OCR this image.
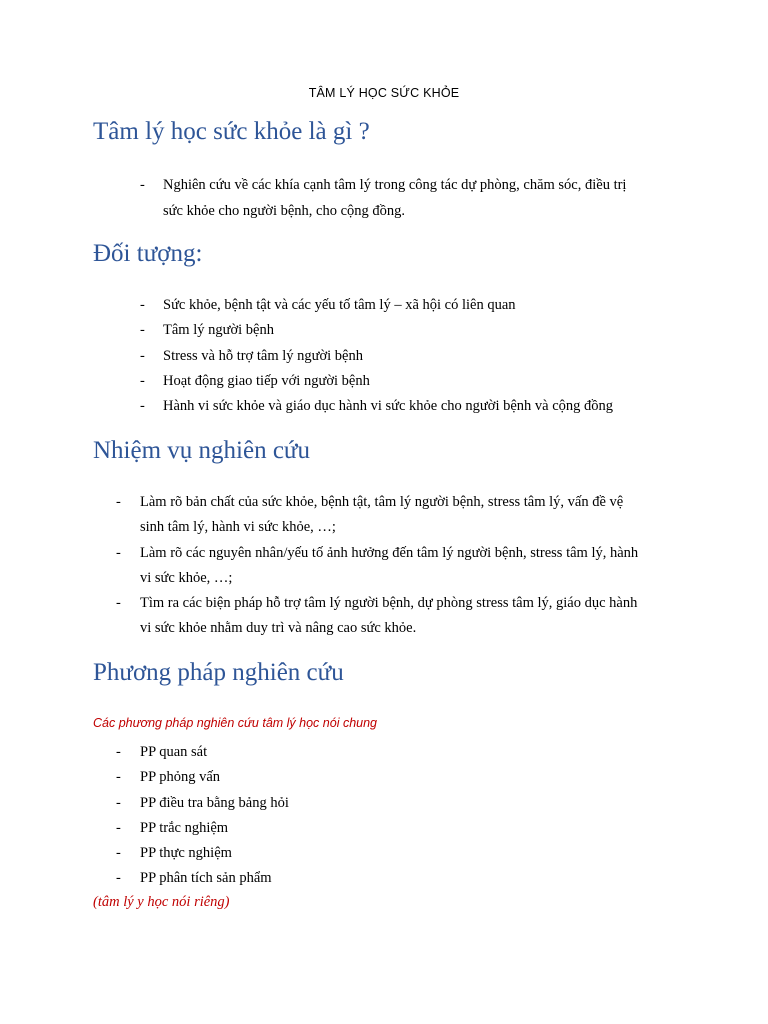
TÂM LÝ HỌC SỨC KHỎE
Tâm lý học sức khỏe là gì ?
- Nghiên cứu về các khía cạnh tâm lý trong công tác dự phòng, chăm sóc, điều trị
sức khỏe cho người bệnh, cho cộng đồng.
Đối tượng:
- Sức khỏe, bệnh tật và các yếu tố tâm lý – xã hội có liên quan
- Tâm lý người bệnh
- Stress và hỗ trợ tâm lý người bệnh
- Hoạt động giao tiếp với người bệnh
- Hành vi sức khỏe và giáo dục hành vi sức khỏe cho người bệnh và cộng đồng
Nhiệm vụ nghiên cứu
- Làm rõ bản chất của sức khỏe, bệnh tật, tâm lý người bệnh, stress tâm lý, vấn đề vệ
sinh tâm lý, hành vi sức khỏe, …;
- Làm rõ các nguyên nhân/yếu tố ảnh hưởng đến tâm lý người bệnh, stress tâm lý, hành
vi sức khỏe, …;
- Tìm ra các biện pháp hỗ trợ tâm lý người bệnh, dự phòng stress tâm lý, giáo dục hành
vi sức khỏe nhằm duy trì và nâng cao sức khỏe.
Phương pháp nghiên cứu
Các phương pháp nghiên cứu tâm lý học nói chung
- PP quan sát
- PP phỏng vấn
- PP điều tra bằng bảng hỏi
- PP trắc nghiệm
- PP thực nghiệm
- PP phân tích sản phẩm
(tâm lý y học nói riêng)
